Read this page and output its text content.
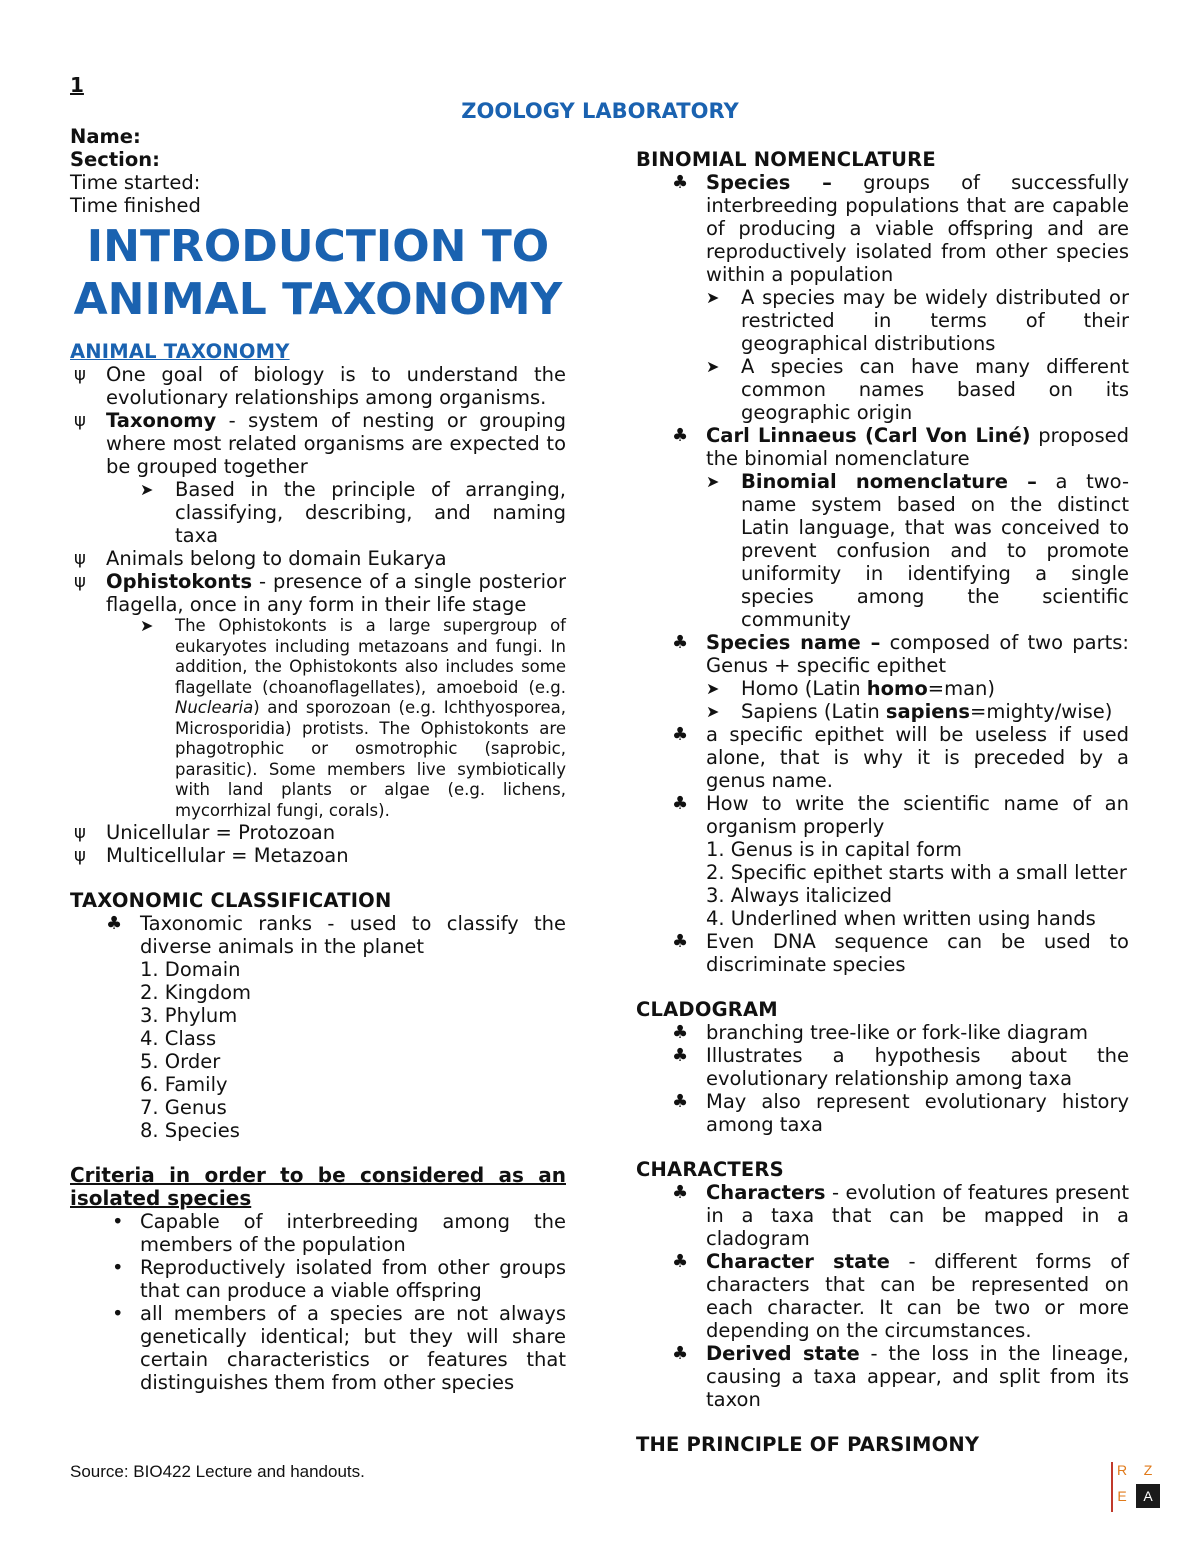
1
ZOOLOGY LABORATORY
Name:
Section:
Time started:
Time finished
INTRODUCTION TO
ANIMAL TAXONOMY
ANIMAL TAXONOMY
ψ	One goal of biology is to understand the evolutionary relationships among organisms.
ψ	Taxonomy - system of nesting or grouping where most related organisms are expected to be grouped together
➤ Based in the principle of arranging, classifying, describing, and naming taxa
ψ	Animals belong to domain Eukarya
ψ	Ophistokonts - presence of a single posterior flagella, once in any form in their life stage
➤ The Ophistokonts is a large supergroup of eukaryotes including metazoans and fungi. In addition, the Ophistokonts also includes some flagellate (choanoflagellates), amoeboid (e.g. Nuclearia) and sporozoan (e.g. Ichthyosporea, Microsporidia) protists. The Ophistokonts are phagotrophic or osmotrophic (saprobic, parasitic). Some members live symbiotically with land plants or algae (e.g. lichens, mycorrhizal fungi, corals).
ψ	Unicellular = Protozoan
ψ	Multicellular = Metazoan
TAXONOMIC CLASSIFICATION
♣ Taxonomic ranks - used to classify the diverse animals in the planet
1. Domain
2. Kingdom
3. Phylum
4. Class
5. Order
6. Family
7. Genus
8. Species
Criteria in order to be considered as an isolated species
• Capable of interbreeding among the members of the population
• Reproductively isolated from other groups that can produce a viable offspring
• all members of a species are not always genetically identical; but they will share certain characteristics or features that distinguishes them from other species
BINOMIAL NOMENCLATURE
♣ Species – groups of successfully interbreeding populations that are capable of producing a viable offspring and are reproductively isolated from other species within a population
➤ A species may be widely distributed or restricted in terms of their geographical distributions
➤ A species can have many different common names based on its geographic origin
♣ Carl Linnaeus (Carl Von Liné) proposed the binomial nomenclature
➤ Binomial nomenclature – a two-name system based on the distinct Latin language, that was conceived to prevent confusion and to promote uniformity in identifying a single species among the scientific community
♣ Species name – composed of two parts: Genus + specific epithet
➤ Homo (Latin homo=man)
➤ Sapiens (Latin sapiens=mighty/wise)
♣ a specific epithet will be useless if used alone, that is why it is preceded by a genus name.
♣ How to write the scientific name of an organism properly
1. Genus is in capital form
2. Specific epithet starts with a small letter
3. Always italicized
4. Underlined when written using hands
♣ Even DNA sequence can be used to discriminate species
CLADOGRAM
♣ branching tree-like or fork-like diagram
♣ Illustrates a hypothesis about the evolutionary relationship among taxa
♣ May also represent evolutionary history among taxa
CHARACTERS
♣ Characters - evolution of features present in a taxa that can be mapped in a cladogram
♣ Character state - different forms of characters that can be represented on each character. It can be two or more depending on the circumstances.
♣ Derived state - the loss in the lineage, causing a taxa appear, and split from its taxon
THE PRINCIPLE OF PARSIMONY
Source: BIO422 Lecture and handouts.	R	Z
E	A
